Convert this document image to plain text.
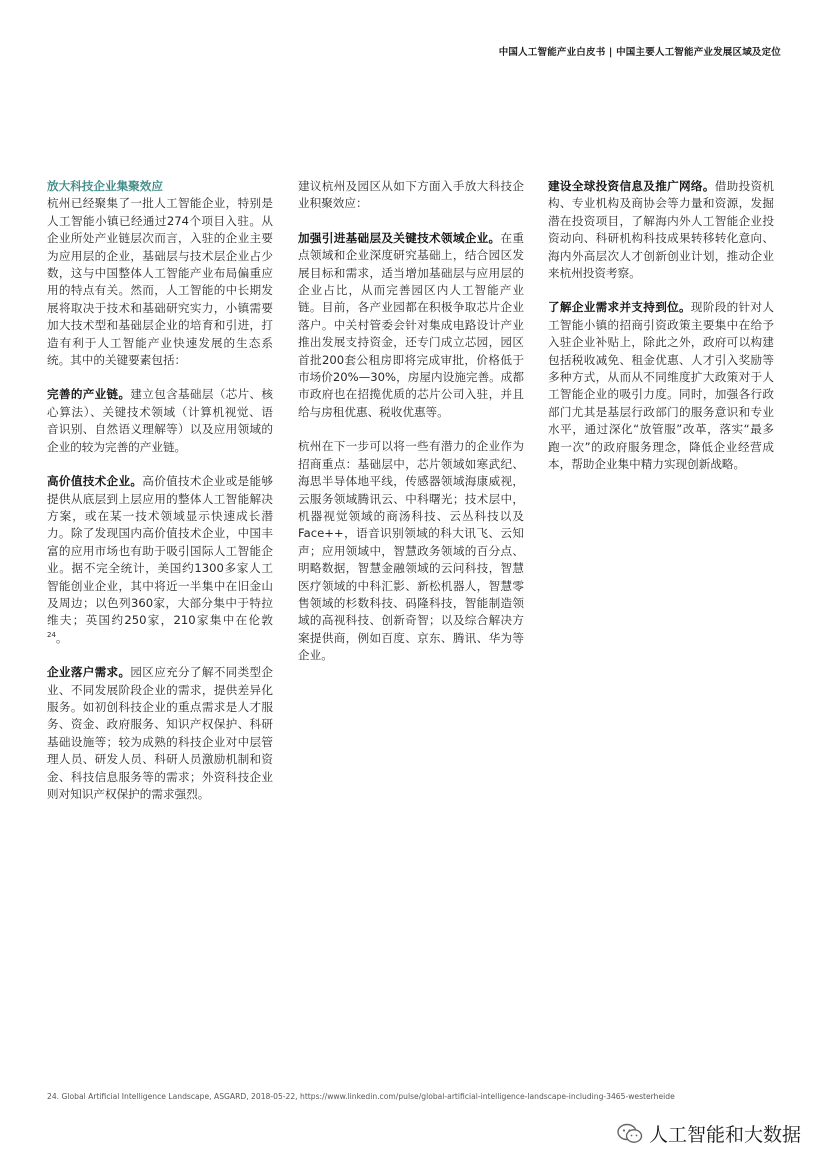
中国人工智能产业白皮书 | 中国主要人工智能产业发展区域及定位

放大科技企业集聚效应
杭州已经聚集了一批人工智能企业，特别是人工智能小镇已经通过274个项目入驻。从企业所处产业链层次而言，入驻的企业主要为应用层的企业，基础层与技术层企业占少数，这与中国整体人工智能产业布局偏重应用的特点有关。然而，人工智能的中长期发展将取决于技术和基础研究实力，小镇需要加大技术型和基础层企业的培育和引进，打造有利于人工智能产业快速发展的生态系统。其中的关键要素包括：

完善的产业链。建立包含基础层（芯片、核心算法）、关键技术领域（计算机视觉、语音识别、自然语义理解等）以及应用领域的企业的较为完善的产业链。

高价值技术企业。高价值技术企业或是能够提供从底层到上层应用的整体人工智能解决方案，或在某一技术领域显示快速成长潜力。除了发现国内高价值技术企业，中国丰富的应用市场也有助于吸引国际人工智能企业。据不完全统计，美国约1300多家人工智能创业企业，其中将近一半集中在旧金山及周边；以色列360家，大部分集中于特拉维夫；英国约250家，210家集中在伦敦$^{24}$。

企业落户需求。园区应充分了解不同类型企业、不同发展阶段企业的需求，提供差异化服务。如初创科技企业的重点需求是人才服务、资金、政府服务、知识产权保护、科研基础设施等；较为成熟的科技企业对中层管理人员、研发人员、科研人员激励机制和资金、科技信息服务等的需求；外资科技企业则对知识产权保护的需求强烈。

建议杭州及园区从如下方面入手放大科技企业积聚效应：

加强引进基础层及关键技术领域企业。在重点领域和企业深度研究基础上，结合园区发展目标和需求，适当增加基础层与应用层的企业占比，从而完善园区内人工智能产业链。目前，各产业园都在积极争取芯片企业落户。中关村管委会针对集成电路设计产业推出发展支持资金，还专门成立芯园，园区首批200套公租房即将完成审批，价格低于市场价20%—30%，房屋内设施完善。成都市政府也在招揽优质的芯片公司入驻，并且给与房租优惠、税收优惠等。

杭州在下一步可以将一些有潜力的企业作为招商重点：基础层中，芯片领域如寒武纪、海思半导体地平线，传感器领域海康威视，云服务领域腾讯云、中科曙光；技术层中，机器视觉领域的商汤科技、云丛科技以及Face++，语音识别领域的科大讯飞、云知声；应用领域中，智慧政务领域的百分点、明略数据，智慧金融领域的云问科技，智慧医疗领域的中科汇影、新松机器人，智慧零售领域的杉数科技、码隆科技，智能制造领域的高视科技、创新奇智；以及综合解决方案提供商，例如百度、京东、腾讯、华为等企业。

建设全球投资信息及推广网络。借助投资机构、专业机构及商协会等力量和资源，发掘潜在投资项目，了解海内外人工智能企业投资动向、科研机构科技成果转移转化意向、海内外高层次人才创新创业计划，推动企业来杭州投资考察。

了解企业需求并支持到位。现阶段的针对人工智能小镇的招商引资政策主要集中在给予入驻企业补贴上，除此之外，政府可以构建包括税收减免、租金优惠、人才引入奖励等多种方式，从而从不同维度扩大政策对于人工智能企业的吸引力度。同时，加强各行政部门尤其是基层行政部门的服务意识和专业水平，通过深化“放管服”改革，落实“最多跑一次”的政府服务理念，降低企业经营成本，帮助企业集中精力实现创新战略。

24. Global Artificial Intelligence Landscape, ASGARD, 2018-05-22, https://www.linkedin.com/pulse/global-artificial-intelligence-landscape-including-3465-westerheide
人工智能和大数据
